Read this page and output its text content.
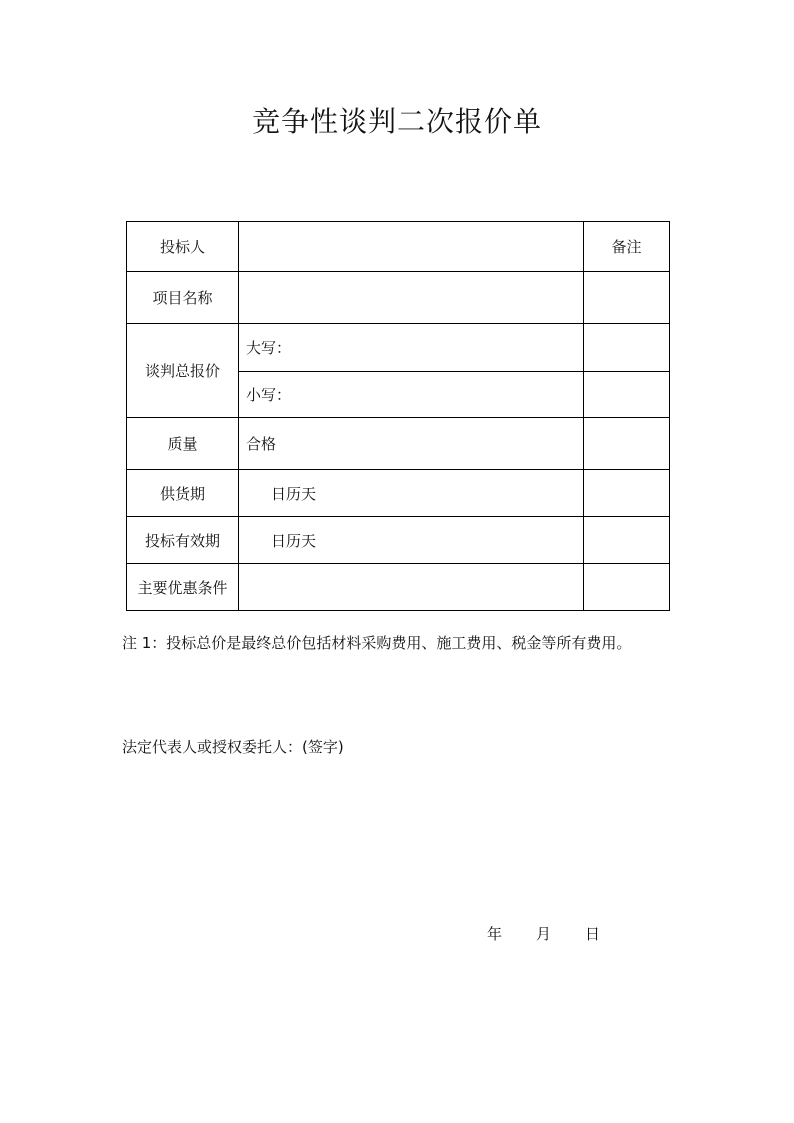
竞争性谈判二次报价单
投标人		备注
项目名称		
谈判总报价	大写：	
	小写：	
质量	合格	
供货期	日历天	
投标有效期	日历天	
主要优惠条件		
注 1：投标总价是最终总价包括材料采购费用、施工费用、税金等所有费用。
法定代表人或授权委托人：(签字)
年 月 日
